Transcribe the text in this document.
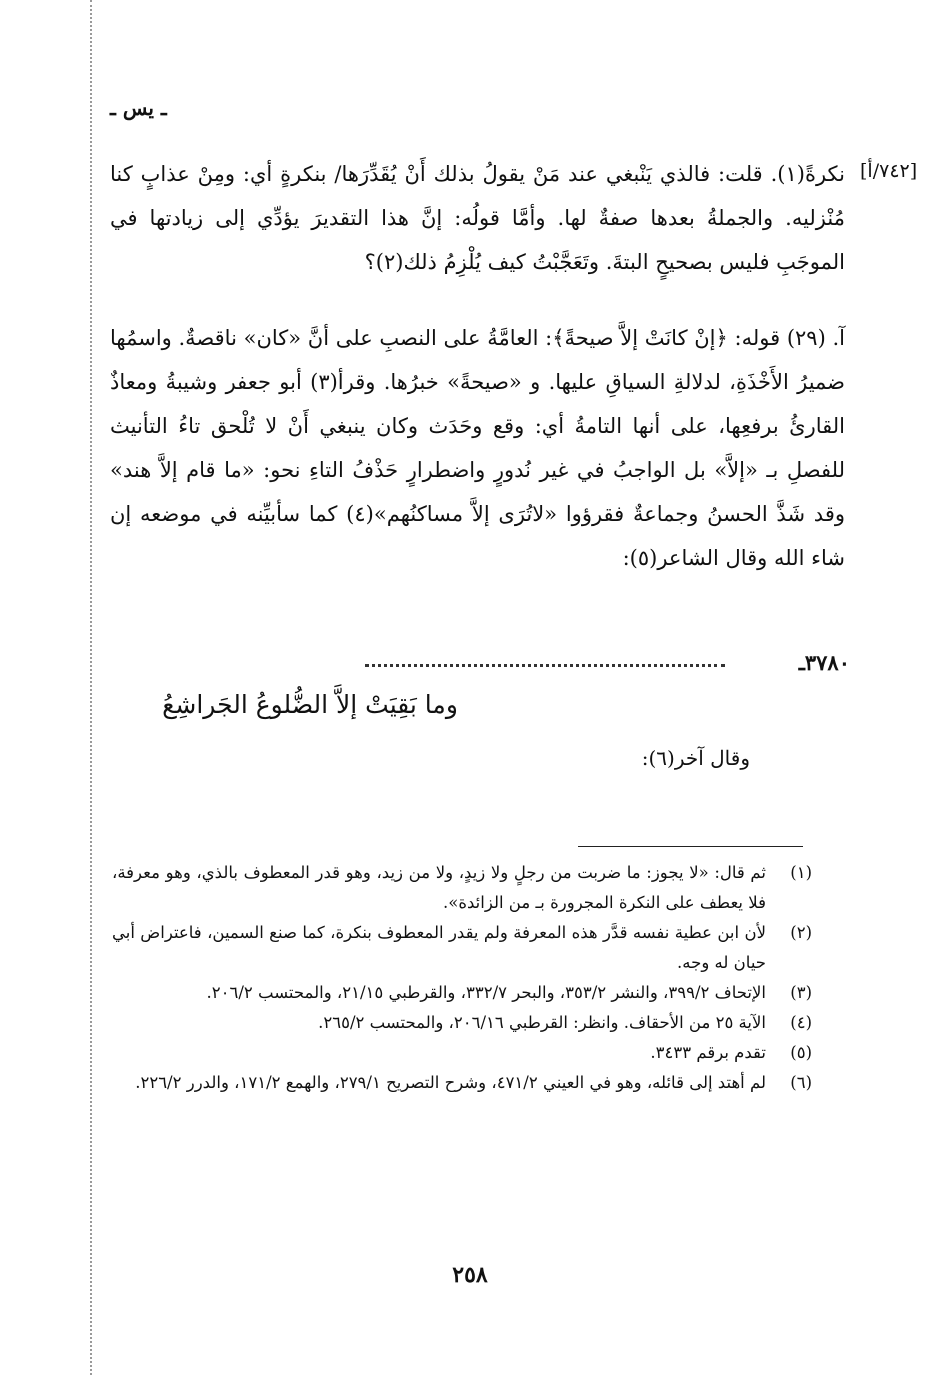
ـ يس ـ
[٧٤٢/أ]

نكرةً(١). قلت: فالذي يَنْبغي عند مَنْ يقولُ بذلك أَنْ يُقَدِّرَها/ بنكرةٍ أي: ومِنْ عذابٍ كنا مُنْزليه. والجملةُ بعدها صفةٌ لها. وأمَّا قولُه: إنَّ هذا التقديرَ يؤدِّي إلى زيادتها في الموجَبِ فليس بصحيحٍ البتةَ. وتَعَجَّبْتُ كيف يُلْزِمُ ذلك(٢)؟

آ. (٢٩) قوله: ﴿إنْ كانَتْ إلاَّ صيحةً﴾: العامَّةُ على النصبِ على أنَّ «كان» ناقصةٌ. واسمُها ضميرُ الأَخْذَةِ، لدلالةِ السياقِ عليها. و «صيحةً» خبرُها. وقرأ(٣) أبو جعفر وشيبةُ ومعاذٌ القارئُ برفعِها، على أنها التامةُ أي: وقع وحَدَث وكان ينبغي أَنْ لا تُلْحق تاءُ التأنيث للفصلِ بـ «إلاَّ» بل الواجبُ في غير نُدورٍ واضطرارٍ حَذْفُ التاءِ نحو: «ما قام إلاَّ هند» وقد شَذَّ الحسنُ وجماعةٌ فقرؤوا «لاتُرَى إلاَّ مساكنُهم»(٤) كما سأبيِّنه في موضعه إن شاء الله وقال الشاعر(٥):

٣٧٨٠ـ
وما بَقِيَتْ إلاَّ الضُّلوعُ الجَراشِعُ
وقال آخر(٦):
(١)
ثم قال: «لا يجوز: ما ضربت من رجلٍ ولا زيدٍ، ولا من زيد، وهو قدر المعطوف بالذي، وهو معرفة، فلا يعطف على النكرة المجرورة بـ من الزائدة».
(٢)
لأن ابن عطية نفسه قدَّر هذه المعرفة ولم يقدر المعطوف بنكرة، كما صنع السمين، فاعتراض أبي حيان له وجه.
(٣)
الإتحاف ٣٩٩/٢، والنشر ٣٥٣/٢، والبحر ٣٣٢/٧، والقرطبي ٢١/١٥، والمحتسب ٢٠٦/٢.
(٤)
الآية ٢٥ من الأحقاف. وانظر: القرطبي ٢٠٦/١٦، والمحتسب ٢٦٥/٢.
(٥)
تقدم برقم ٣٤٣٣.
(٦)
لم أهتد إلى قائله، وهو في العيني ٤٧١/٢، وشرح التصريح ٢٧٩/١، والهمع ١٧١/٢، والدرر ٢٢٦/٢.
٢٥٨
